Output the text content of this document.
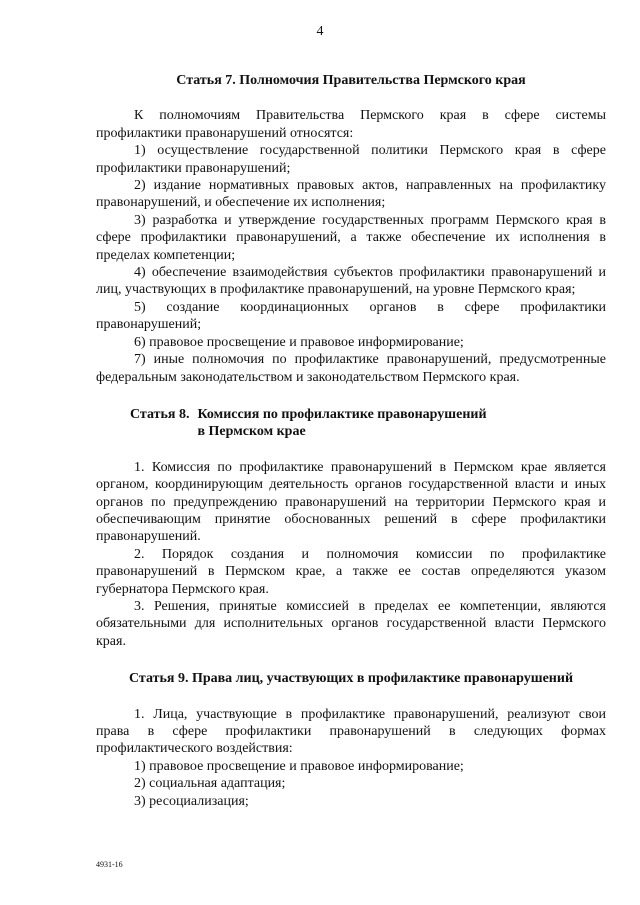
4
Статья 7. Полномочия Правительства Пермского края

К полномочиям Правительства Пермского края в сфере системы профилактики правонарушений относятся:

1) осуществление государственной политики Пермского края в сфере профилактики правонарушений;

2) издание нормативных правовых актов, направленных на профилактику правонарушений, и обеспечение их исполнения;

3) разработка и утверждение государственных программ Пермского края в сфере профилактики правонарушений, а также обеспечение их исполнения в пределах компетенции;

4) обеспечение взаимодействия субъектов профилактики правонарушений и лиц, участвующих в профилактике правонарушений, на уровне Пермского края;

5) создание координационных органов в сфере профилактики правонарушений;

6) правовое просвещение и правовое информирование;

7) иные полномочия по профилактике правонарушений, предусмотренные федеральным законодательством и законодательством Пермского края.

Статья 8. Комиссия по профилактике правонарушений
в Пермском крае

1. Комиссия по профилактике правонарушений в Пермском крае является органом, координирующим деятельность органов государственной власти и иных органов по предупреждению правонарушений на территории Пермского края и обеспечивающим принятие обоснованных решений в сфере профилактики правонарушений.

2. Порядок создания и полномочия комиссии по профилактике правонарушений в Пермском крае, а также ее состав определяются указом губернатора Пермского края.

3. Решения, принятые комиссией в пределах ее компетенции, являются обязательными для исполнительных органов государственной власти Пермского края.

Статья 9. Права лиц, участвующих в профилактике правонарушений

1. Лица, участвующие в профилактике правонарушений, реализуют свои права в сфере профилактики правонарушений в следующих формах профилактического воздействия:

1) правовое просвещение и правовое информирование;

2) социальная адаптация;

3) ресоциализация;

4931-16
